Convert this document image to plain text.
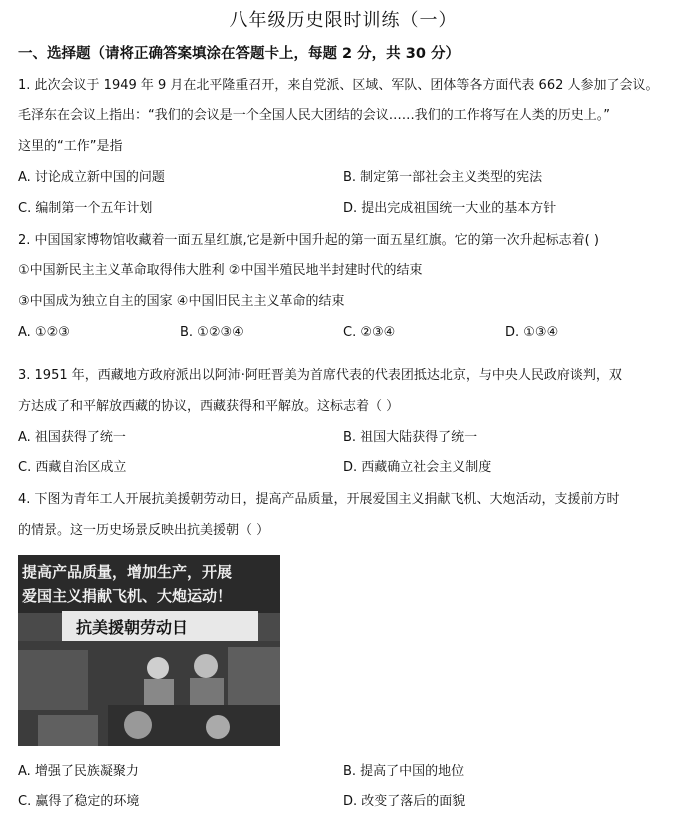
八年级历史限时训练（一）
一、选择题（请将正确答案填涂在答题卡上，每题 2 分，共 30 分）
1. 此次会议于 1949 年 9 月在北平隆重召开，来自党派、区域、军队、团体等各方面代表 662 人参加了会议。
毛泽东在会议上指出：“我们的会议是一个全国人民大团结的会议……我们的工作将写在人类的历史上。”
这里的“工作”是指
A. 讨论成立新中国的问题	B. 制定第一部社会主义类型的宪法
C. 编制第一个五年计划	D. 提出完成祖国统一大业的基本方针
2. 中国国家博物馆收藏着一面五星红旗,它是新中国升起的第一面五星红旗。它的第一次升起标志着( )
①中国新民主主义革命取得伟大胜利 ②中国半殖民地半封建时代的结束
③中国成为独立自主的国家 ④中国旧民主主义革命的结束
A. ①②③	B. ①②③④	C. ②③④	D. ①③④
3. 1951 年，西藏地方政府派出以阿沛·阿旺晋美为首席代表的代表团抵达北京，与中央人民政府谈判，双
方达成了和平解放西藏的协议，西藏获得和平解放。这标志着（ ）
A. 祖国获得了统一	B. 祖国大陆获得了统一
C. 西藏自治区成立	D. 西藏确立社会主义制度
4. 下图为青年工人开展抗美援朝劳动日，提高产品质量，开展爱国主义捐献飞机、大炮活动，支援前方时
的情景。这一历史场景反映出抗美援朝（ ）
提高产品质量，增加生产，开展
爱国主义捐献飞机、大炮运动！
抗美援朝劳动日
A. 增强了民族凝聚力	B. 提高了中国的地位
C. 赢得了稳定的环境	D. 改变了落后的面貌
